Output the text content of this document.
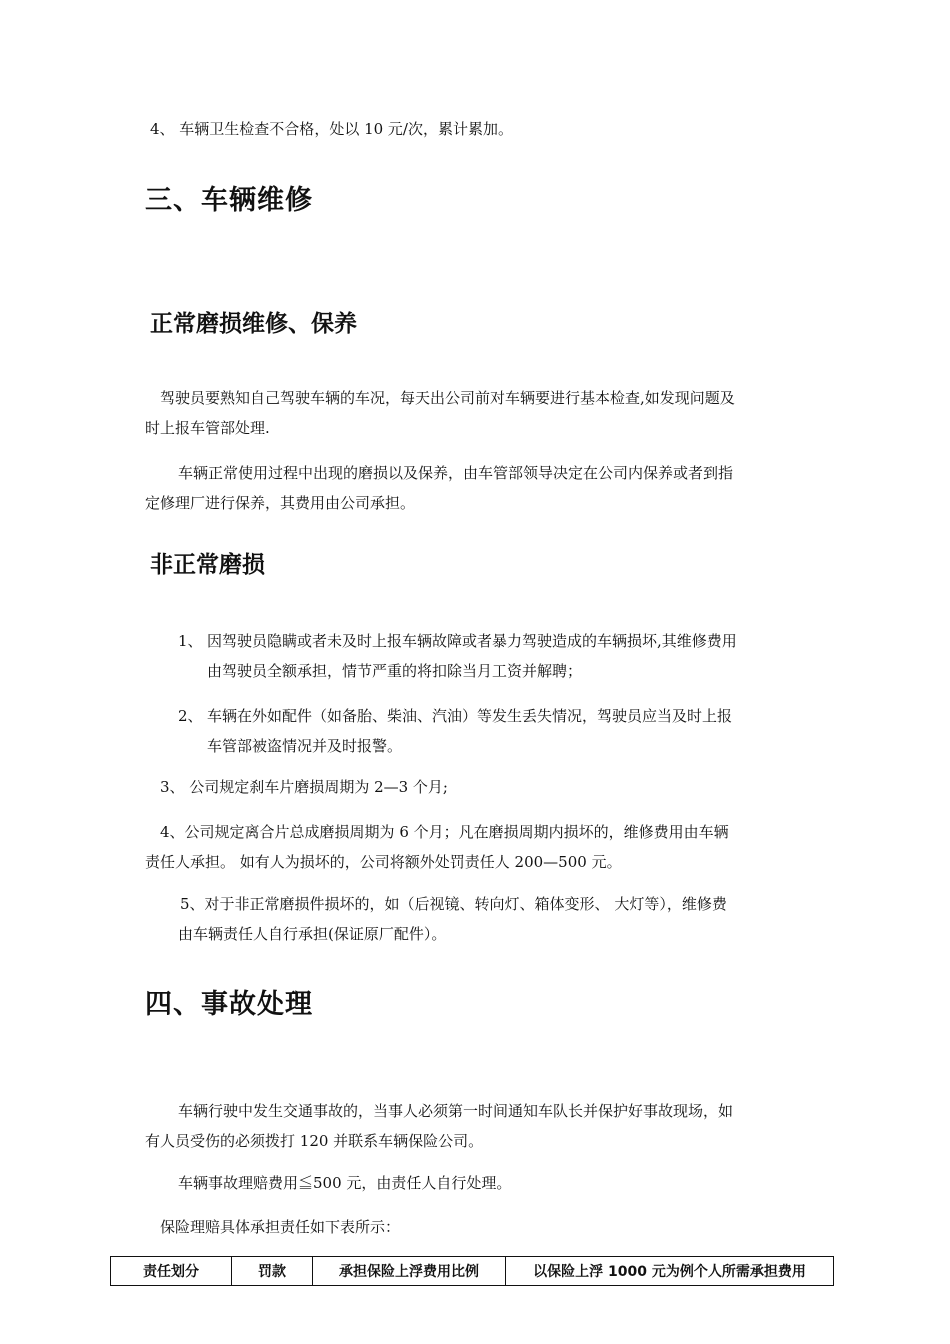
4、 车辆卫生检查不合格，处以 10 元/次，累计累加。

三、车辆维修
正常磨损维修、保养

驾驶员要熟知自己驾驶车辆的车况，每天出公司前对车辆要进行基本检查,如发现问题及

时上报车管部处理.

车辆正常使用过程中出现的磨损以及保养，由车管部领导决定在公司内保养或者到指

定修理厂进行保养，其费用由公司承担。

非正常磨损

1、 因驾驶员隐瞒或者未及时上报车辆故障或者暴力驾驶造成的车辆损坏,其维修费用

由驾驶员全额承担，情节严重的将扣除当月工资并解聘；

2、 车辆在外如配件（如备胎、柴油、汽油）等发生丢失情况，驾驶员应当及时上报

车管部被盗情况并及时报警。

3、 公司规定刹车片磨损周期为 2—3 个月;

4、公司规定离合片总成磨损周期为 6 个月；凡在磨损周期内损坏的，维修费用由车辆

责任人承担。 如有人为损坏的，公司将额外处罚责任人 200—500 元。

5、对于非正常磨损件损坏的，如（后视镜、转向灯、箱体变形、 大灯等），维修费

由车辆责任人自行承担(保证原厂配件）。

四、事故处理

车辆行驶中发生交通事故的，当事人必须第一时间通知车队长并保护好事故现场，如

有人员受伤的必须拨打 120 并联系车辆保险公司。

车辆事故理赔费用≦500 元，由责任人自行处理。

保险理赔具体承担责任如下表所示：

责任划分	罚款	承担保险上浮费用比例	以保险上浮 1000 元为例个人所需承担费用
